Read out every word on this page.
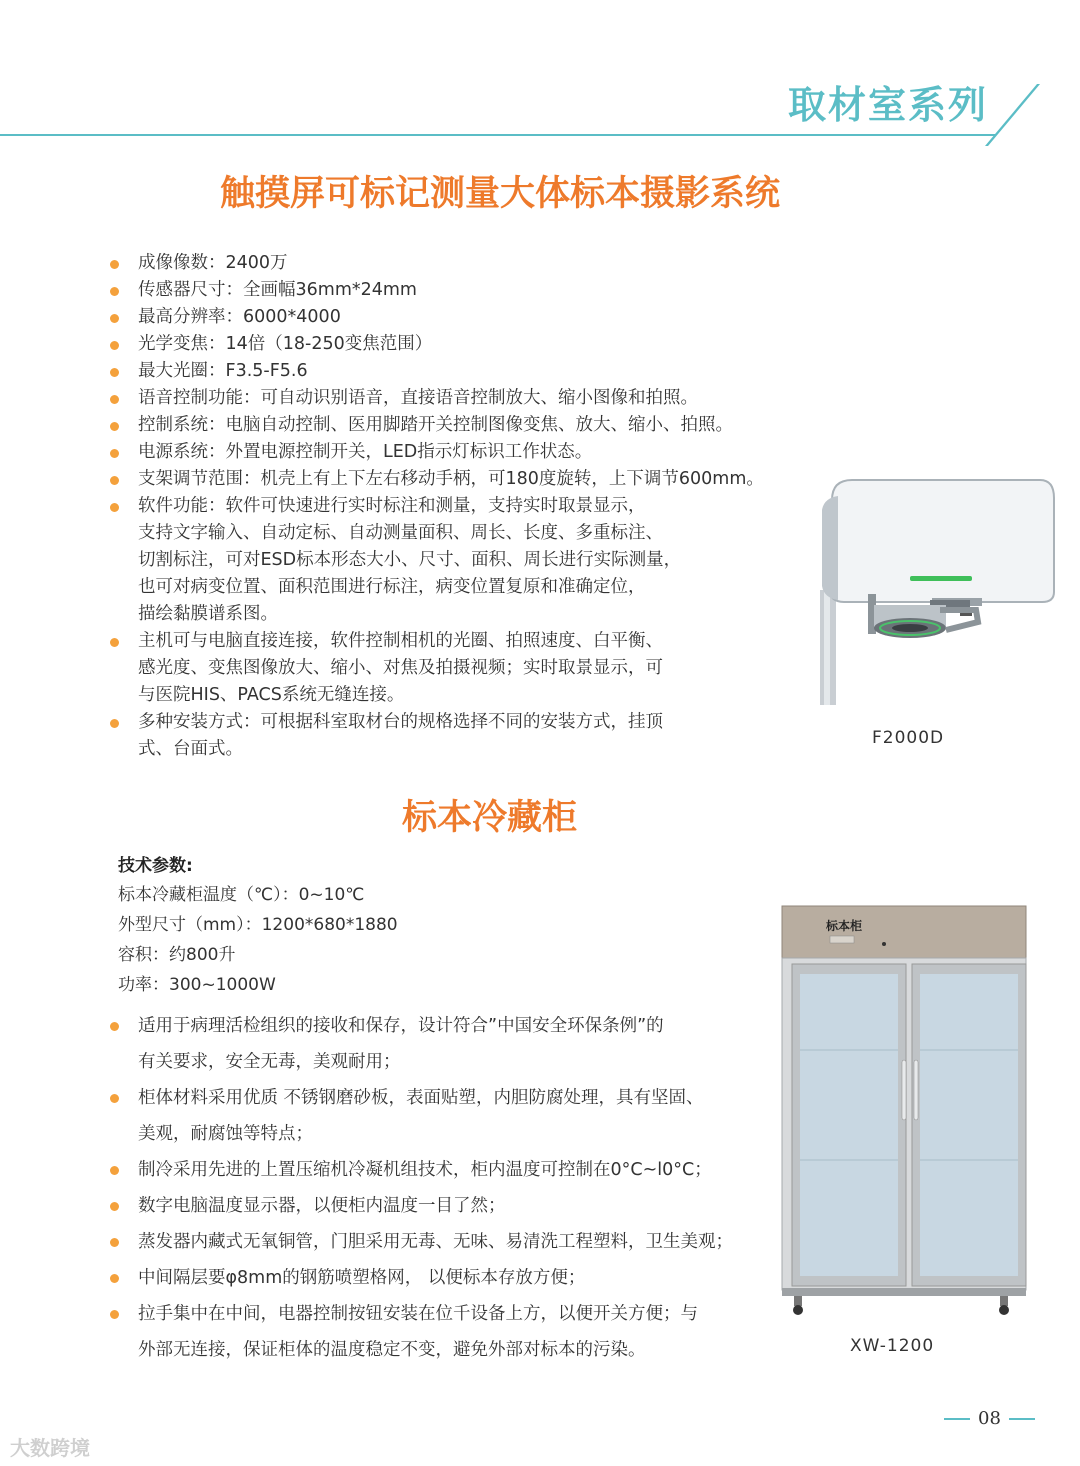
取材室系列
触摸屏可标记测量大体标本摄影系统
成像像数：2400万
传感器尺寸：全画幅36mm*24mm
最高分辨率：6000*4000
光学变焦：14倍（18-250变焦范围）
最大光圈：F3.5-F5.6
语音控制功能：可自动识别语音，直接语音控制放大、缩小图像和拍照。
控制系统：电脑自动控制、医用脚踏开关控制图像变焦、放大、缩小、拍照。
电源系统：外置电源控制开关，LED指示灯标识工作状态。
支架调节范围：机壳上有上下左右移动手柄，可180度旋转，上下调节600mm。
软件功能：软件可快速进行实时标注和测量，支持实时取景显示，
支持文字输入、自动定标、自动测量面积、周长、长度、多重标注、
切割标注，可对ESD标本形态大小、尺寸、面积、周长进行实际测量，
也可对病变位置、面积范围进行标注，病变位置复原和准确定位，
描绘黏膜谱系图。
主机可与电脑直接连接，软件控制相机的光圈、拍照速度、白平衡、
感光度、变焦图像放大、缩小、对焦及拍摄视频；实时取景显示，可
与医院HIS、PACS系统无缝连接。
多种安装方式：可根据科室取材台的规格选择不同的安装方式，挂顶
式、台面式。
F2000D
标本冷藏柜
技术参数:
标本冷藏柜温度（℃）：0~10℃
外型尺寸（mm）：1200*680*1880
容积：约800升
功率：300~1000W
适用于病理活检组织的接收和保存，设计符合”中国安全环保条例”的
有关要求，安全无毒，美观耐用；
柜体材料采用优质 不锈钢磨砂板，表面贴塑，内胆防腐处理，具有坚固、
美观，耐腐蚀等特点；
制冷采用先进的上置压缩机冷凝机组技术，柜内温度可控制在0°C~l0°C；
数字电脑温度显示器，以便柜内温度一目了然；
蒸发器内藏式无氧铜管，门胆采用无毒、无味、易清洗工程塑料，卫生美观；
中间隔层要φ8mm的钢筋喷塑格网， 以便标本存放方便；
拉手集中在中间，电器控制按钮安装在位千设备上方，以便开关方便；与
外部无连接，保证柜体的温度稳定不变，避免外部对标本的污染。
标本柜
XW-1200
08
大数跨境
